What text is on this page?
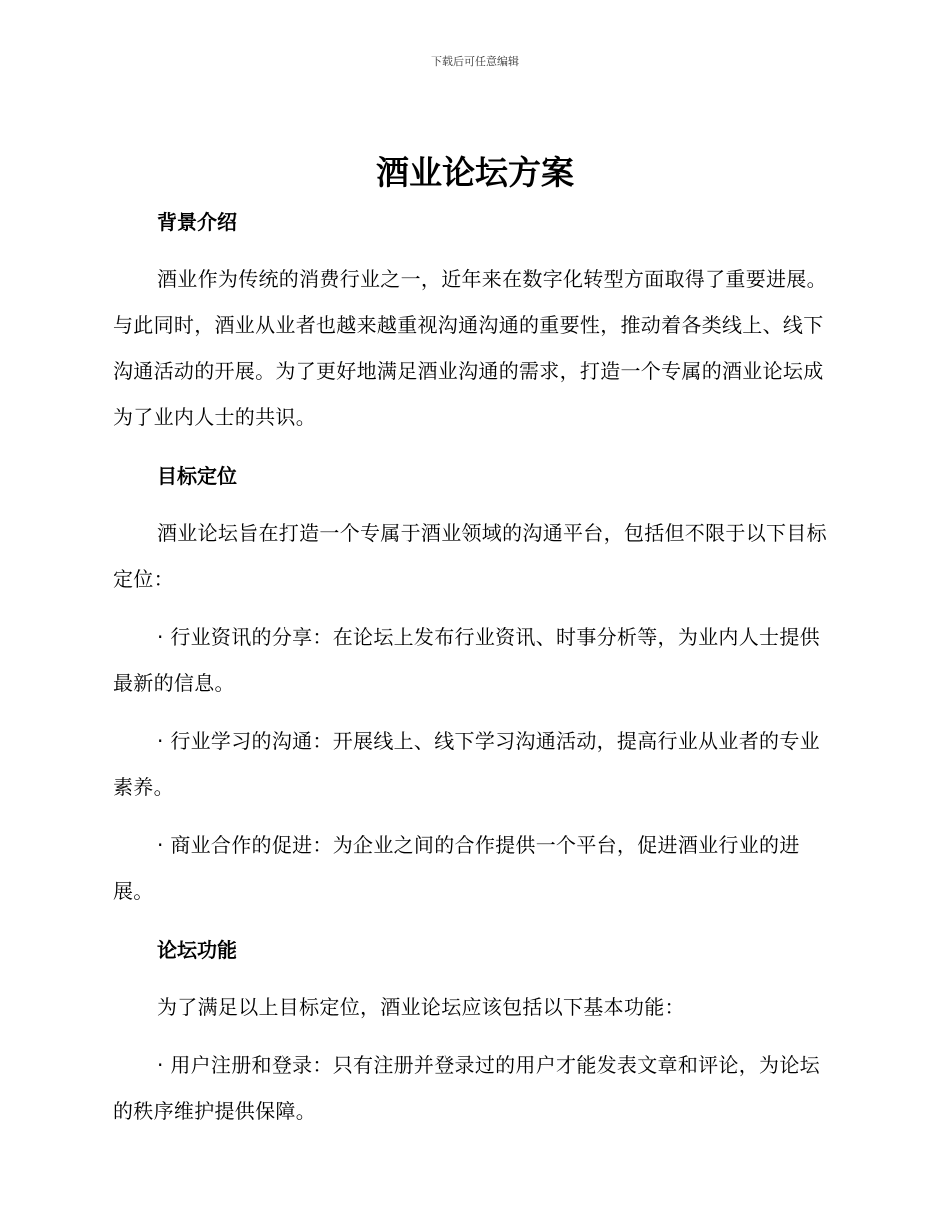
下载后可任意编辑
酒业论坛方案
背景介绍

酒业作为传统的消费行业之一，近年来在数字化转型方面取得了重要进展。与此同时，酒业从业者也越来越重视沟通沟通的重要性，推动着各类线上、线下沟通活动的开展。为了更好地满足酒业沟通的需求，打造一个专属的酒业论坛成为了业内人士的共识。

目标定位

酒业论坛旨在打造一个专属于酒业领域的沟通平台，包括但不限于以下目标定位：

· 行业资讯的分享：在论坛上发布行业资讯、时事分析等，为业内人士提供最新的信息。

· 行业学习的沟通：开展线上、线下学习沟通活动，提高行业从业者的专业素养。

· 商业合作的促进：为企业之间的合作提供一个平台，促进酒业行业的进展。

论坛功能

为了满足以上目标定位，酒业论坛应该包括以下基本功能：

· 用户注册和登录：只有注册并登录过的用户才能发表文章和评论，为论坛的秩序维护提供保障。
